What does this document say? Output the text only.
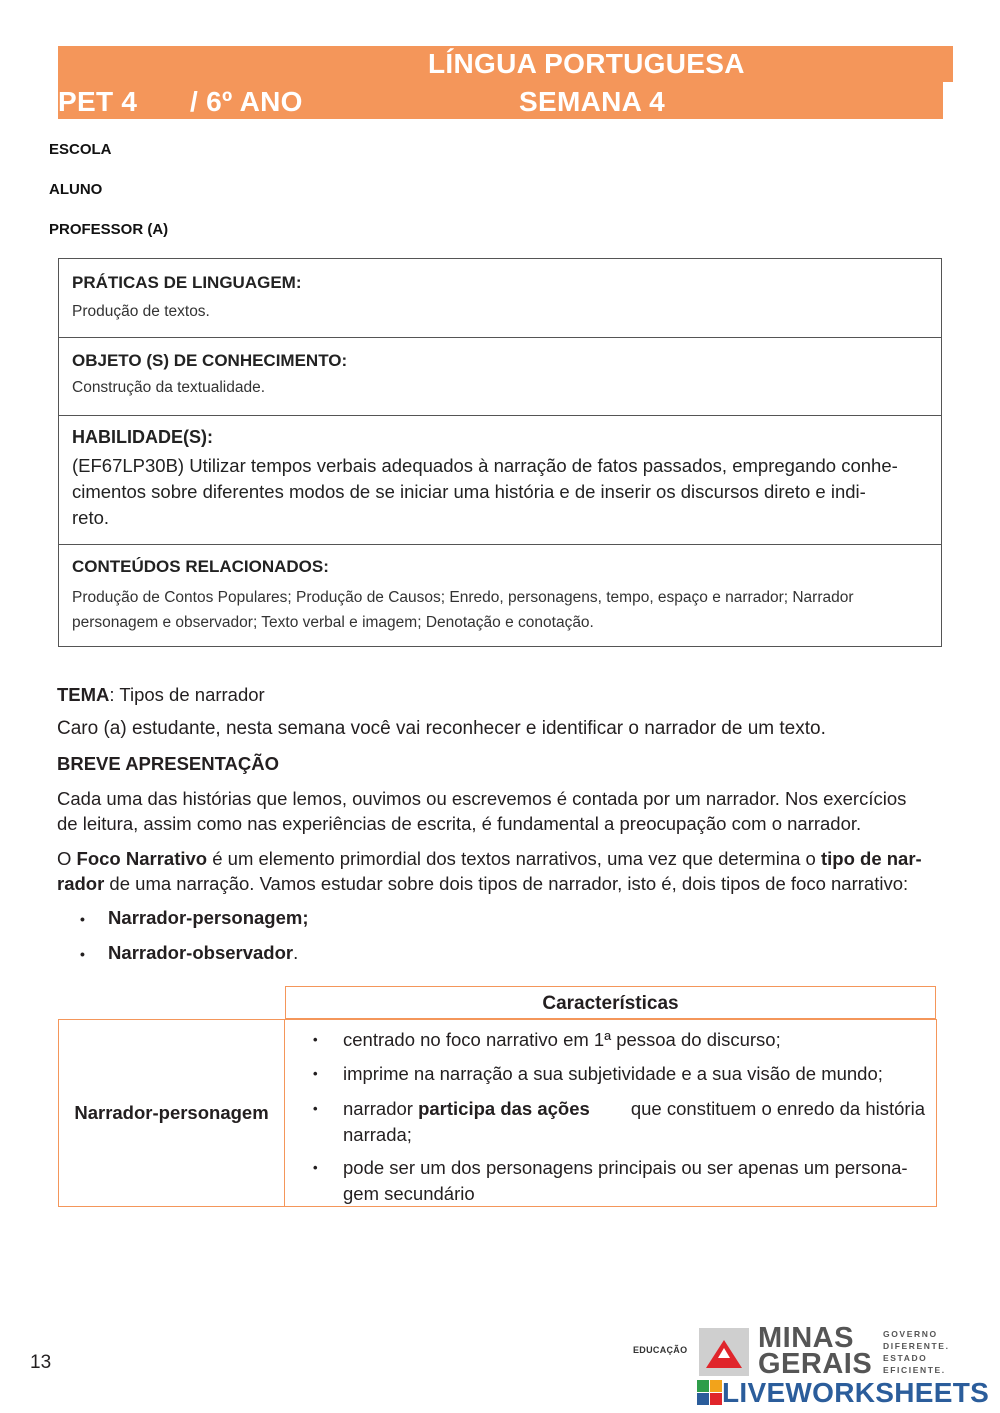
LÍNGUA PORTUGUESA
PET 4 / 6º ANO	SEMANA 4
ESCOLA
ALUNO
PROFESSOR (A)
PRÁTICAS DE LINGUAGEM:
Produção de textos.
OBJETO (S) DE CONHECIMENTO:
Construção da textualidade.
HABILIDADE(S):
(EF67LP30B) Utilizar tempos verbais adequados à narração de fatos passados, empregando conhe-
cimentos sobre diferentes modos de se iniciar uma história e de inserir os discursos direto e indi-
reto.
CONTEÚDOS RELACIONADOS:
Produção de Contos Populares; Produção de Causos; Enredo, personagens, tempo, espaço e narrador; Narrador
personagem e observador; Texto verbal e imagem; Denotação e conotação.
TEMA: Tipos de narrador
Caro (a) estudante, nesta semana você vai reconhecer e identificar o narrador de um texto.
BREVE APRESENTAÇÃO
Cada uma das histórias que lemos, ouvimos ou escrevemos é contada por um narrador. Nos exercícios
de leitura, assim como nas experiências de escrita, é fundamental a preocupação com o narrador.
O Foco Narrativo é um elemento primordial dos textos narrativos, uma vez que determina o tipo de nar-
rador de uma narração. Vamos estudar sobre dois tipos de narrador, isto é, dois tipos de foco narrativo:
• Narrador-personagem;
• Narrador-observador.
Características
Narrador-personagem
•	centrado no foco narrativo em 1ª pessoa do discurso;
•	imprime na narração a sua subjetividade e a sua visão de mundo;
• narrador participa das ações que constituem o enredo da história
narrada;
• pode ser um dos personagens principais ou ser apenas um persona-
gem secundário
13
EDUCAÇÃO MINAS
GERAIS
GOVERNO
DIFERENTE.
ESTADO
EFICIENTE.
LIVEWORKSHEETS
